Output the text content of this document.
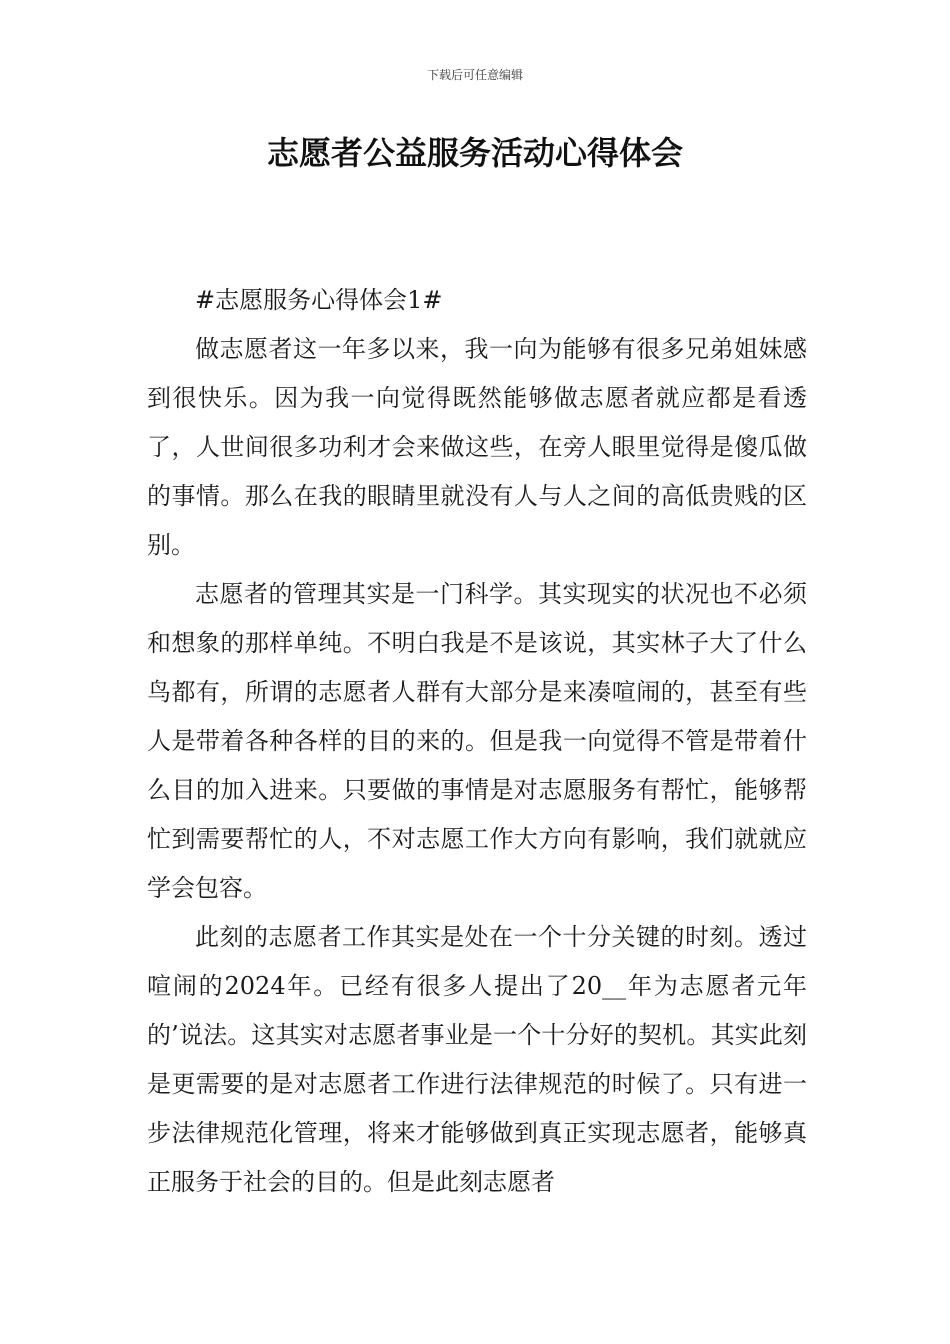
下载后可任意编辑
志愿者公益服务活动心得体会

#志愿服务心得体会1#

做志愿者这一年多以来，我一向为能够有很多兄弟姐妹感到很快乐。因为我一向觉得既然能够做志愿者就应都是看透了，人世间很多功利才会来做这些，在旁人眼里觉得是傻瓜做的事情。那么在我的眼睛里就没有人与人之间的高低贵贱的区别。

志愿者的管理其实是一门科学。其实现实的状况也不必须和想象的那样单纯。不明白我是不是该说，其实林子大了什么鸟都有，所谓的志愿者人群有大部分是来凑喧闹的，甚至有些人是带着各种各样的目的来的。但是我一向觉得不管是带着什么目的加入进来。只要做的事情是对志愿服务有帮忙，能够帮忙到需要帮忙的人，不对志愿工作大方向有影响，我们就就应学会包容。

此刻的志愿者工作其实是处在一个十分关键的时刻。透过喧闹的2024年。已经有很多人提出了20__年为志愿者元年的’说法。这其实对志愿者事业是一个十分好的契机。其实此刻是更需要的是对志愿者工作进行法律规范的时候了。只有进一步法律规范化管理，将来才能够做到真正实现志愿者，能够真正服务于社会的目的。但是此刻志愿者
